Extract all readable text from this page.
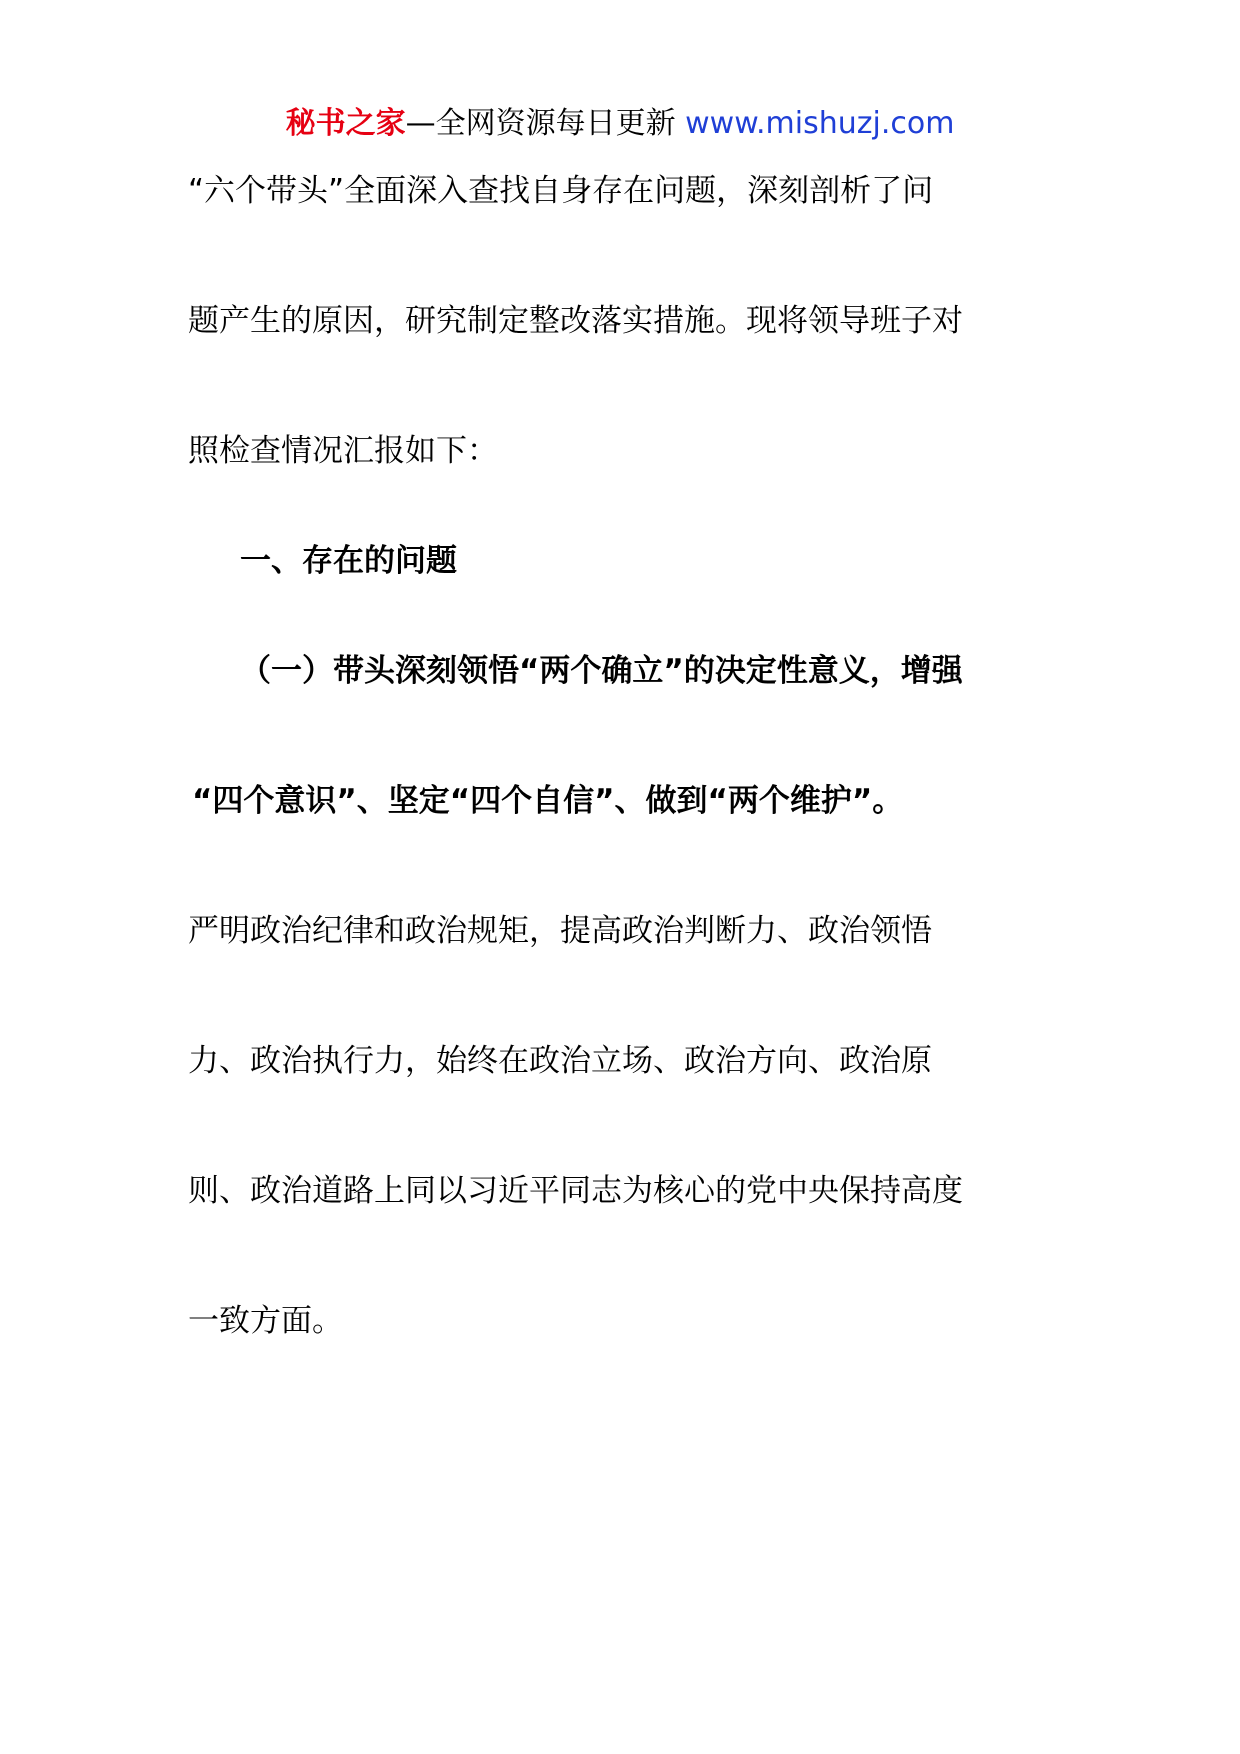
秘书之家—全网资源每日更新 www.mishuzj.com
“六个带头”全面深入查找自身存在问题，深刻剖析了问
题产生的原因，研究制定整改落实措施。现将领导班子对
照检查情况汇报如下：
一、存在的问题
（一）带头深刻领悟“两个确立”的决定性意义，增强
“四个意识”、坚定“四个自信”、做到“两个维护”。
严明政治纪律和政治规矩，提高政治判断力、政治领悟
力、政治执行力，始终在政治立场、政治方向、政治原
则、政治道路上同以习近平同志为核心的党中央保持高度
一致方面。
